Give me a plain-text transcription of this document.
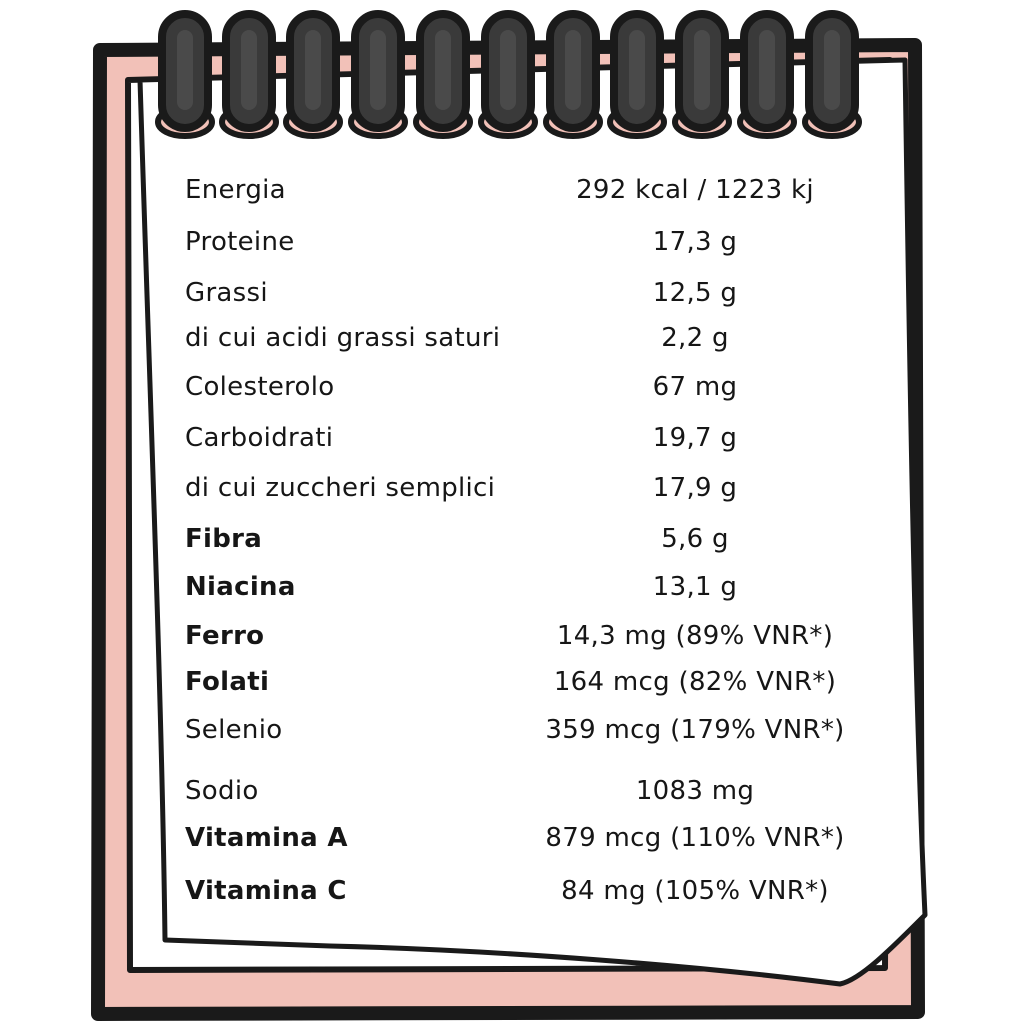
Energia	292 kcal / 1223 kj
Proteine	17,3 g
Grassi	12,5 g
di cui acidi grassi saturi	2,2 g
Colesterolo	67 mg
Carboidrati	19,7 g
di cui zuccheri semplici	17,9 g
Fibra	5,6 g
Niacina	13,1 g
Ferro	14,3 mg (89% VNR*)
Folati	164 mcg (82% VNR*)
Selenio	359 mcg (179% VNR*)
Sodio	1083 mg
Vitamina A	879 mcg (110% VNR*)
Vitamina C	84 mg (105% VNR*)
